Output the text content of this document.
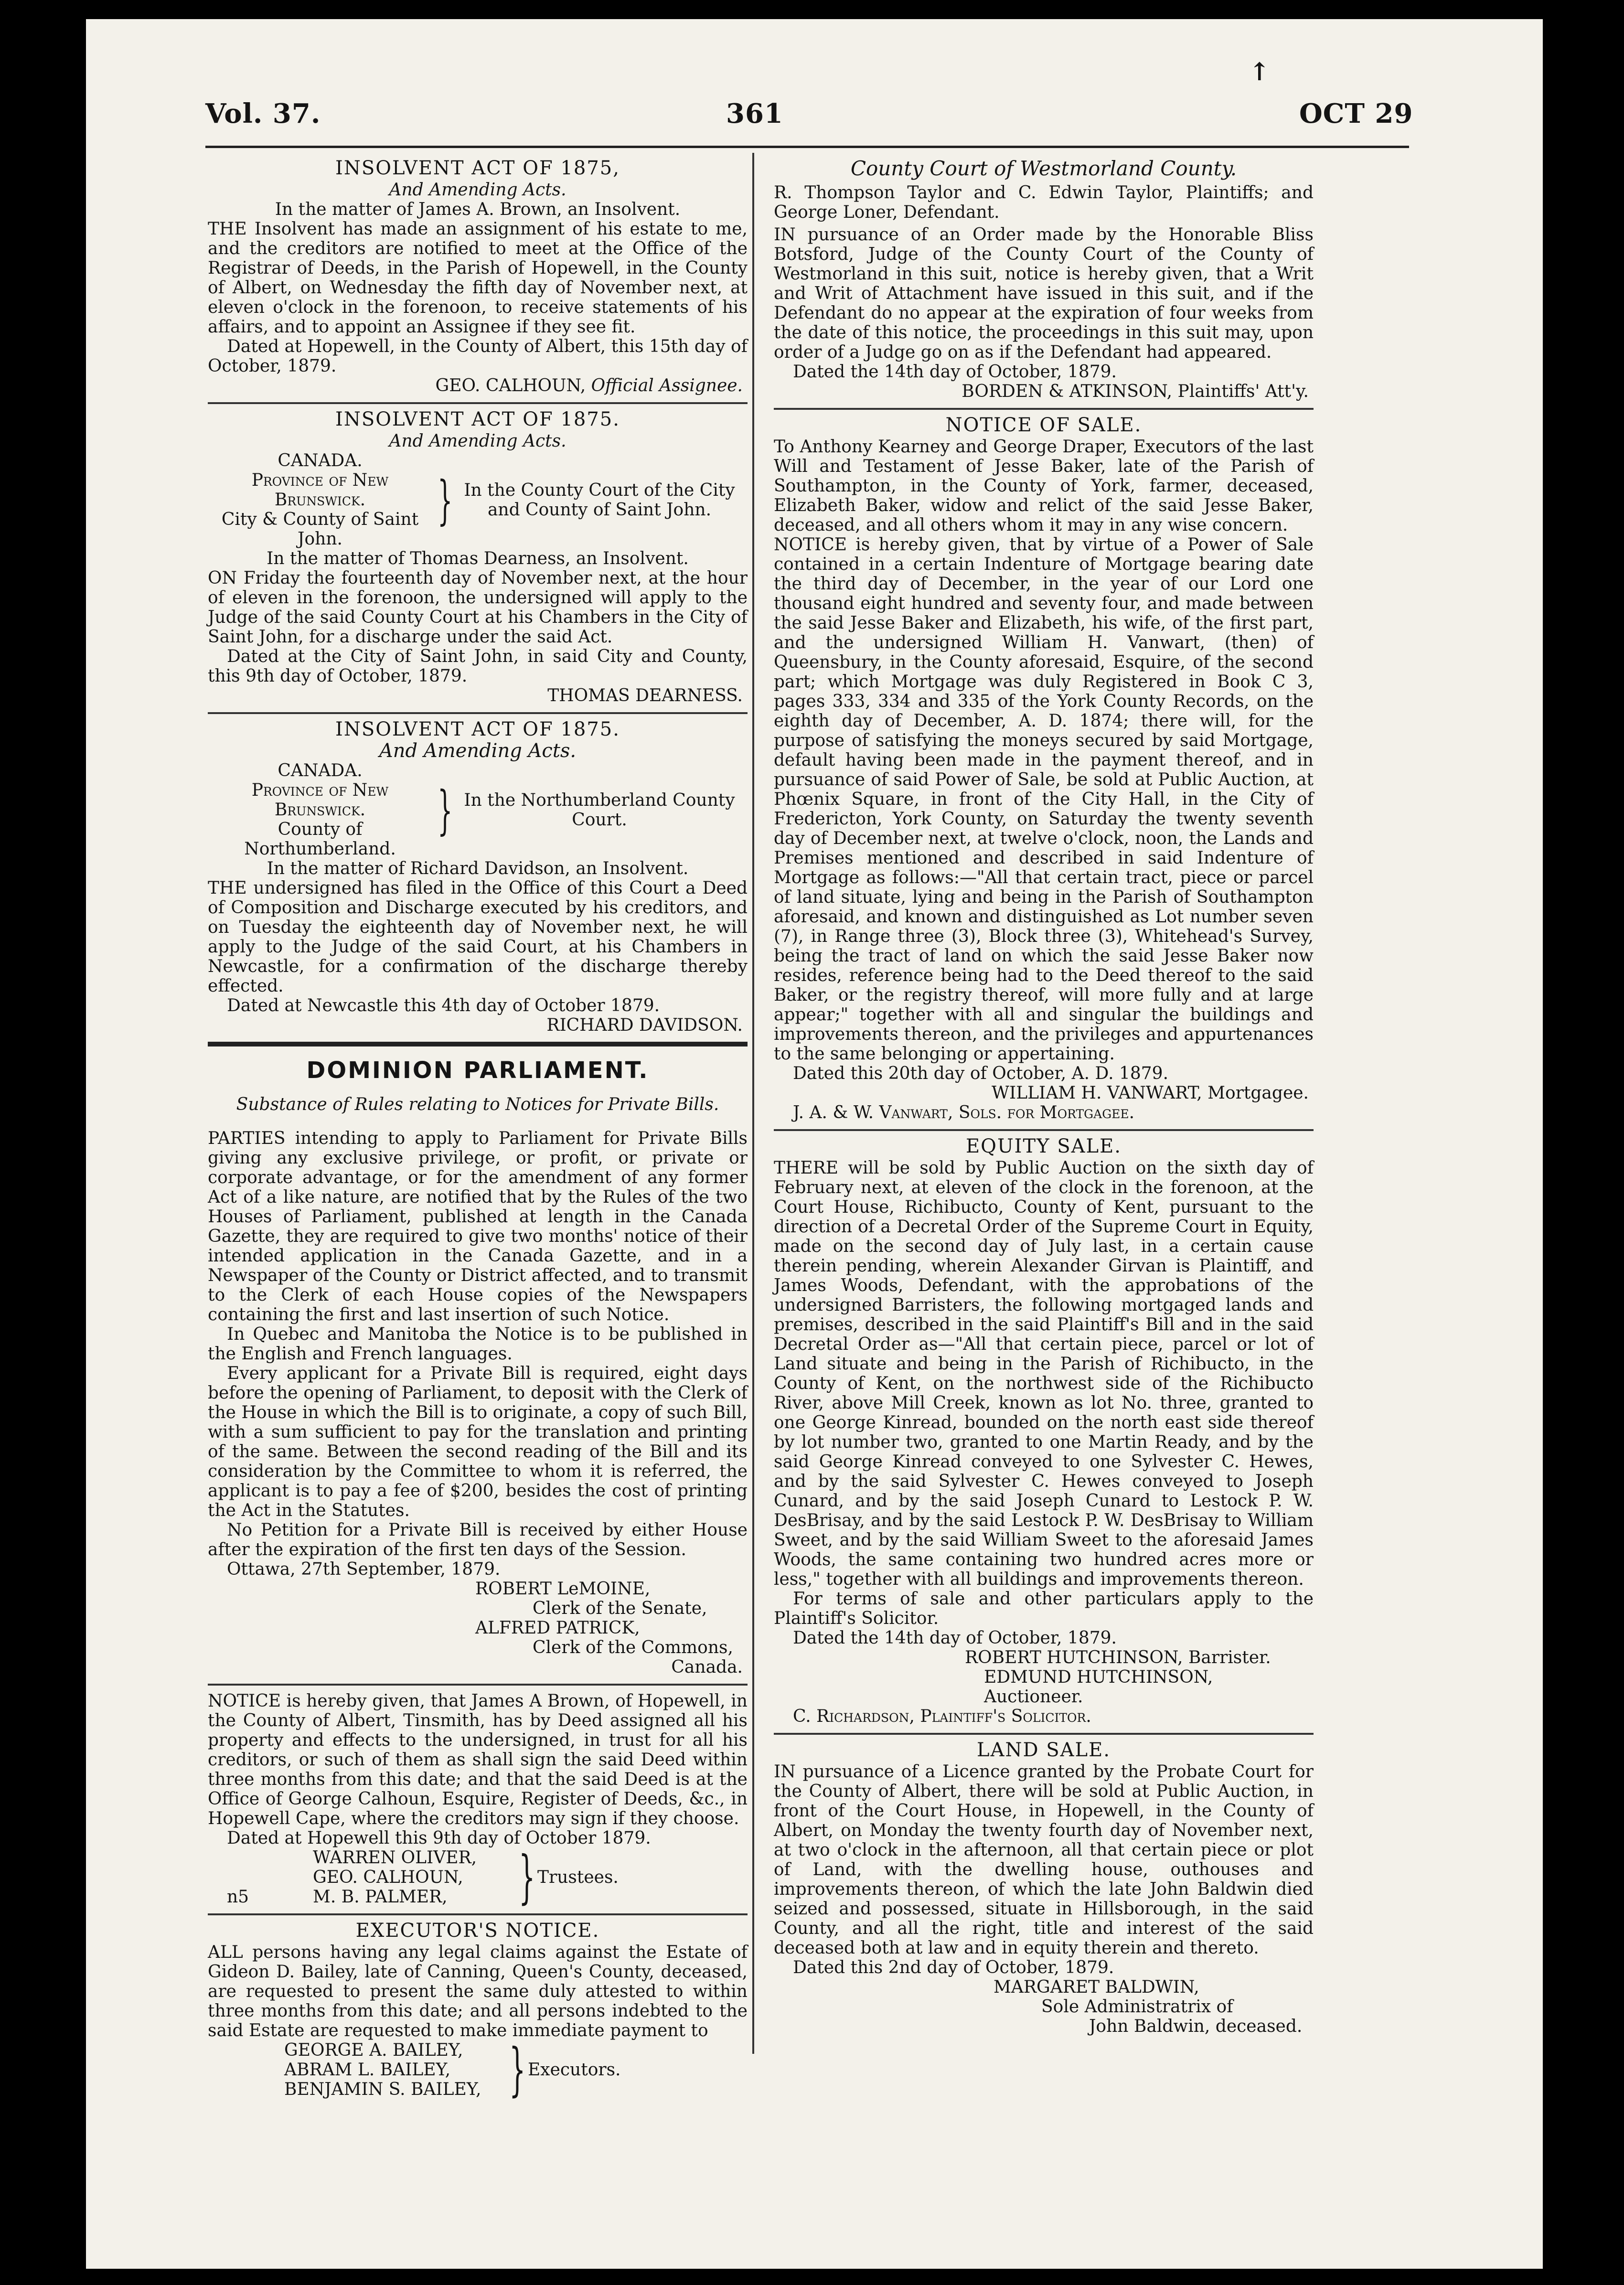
↑
Vol. 37.	361	OCT 29
INSOLVENT ACT OF 1875,
And Amending Acts.
In the matter of James A. Brown, an Insolvent.

THE Insolvent has made an assignment of his estate to me, and the creditors are notified to meet at the Office of the Registrar of Deeds, in the Parish of Hopewell, in the County of Albert, on Wednesday the fifth day of November next, at eleven o'clock in the forenoon, to receive statements of his affairs, and to appoint an Assignee if they see fit.

Dated at Hopewell, in the County of Albert, this 15th day of October, 1879.

GEO. CALHOUN, Official Assignee.
INSOLVENT ACT OF 1875.
And Amending Acts.
CANADA.
Province of New Brunswick.
City & County of Saint John.
} In the County Court of the City and County of Saint John.
In the matter of Thomas Dearness, an Insolvent.

ON Friday the fourteenth day of November next, at the hour of eleven in the forenoon, the undersigned will apply to the Judge of the said County Court at his Chambers in the City of Saint John, for a discharge under the said Act.

Dated at the City of Saint John, in said City and County, this 9th day of October, 1879.

THOMAS DEARNESS.
INSOLVENT ACT OF 1875.
And Amending Acts.
CANADA.
Province of New Brunswick.
County of Northumberland.
} In the Northumberland County Court.
In the matter of Richard Davidson, an Insolvent.

THE undersigned has filed in the Office of this Court a Deed of Composition and Discharge executed by his creditors, and on Tuesday the eighteenth day of November next, he will apply to the Judge of the said Court, at his Chambers in Newcastle, for a confirmation of the discharge thereby effected.

Dated at Newcastle this 4th day of October 1879.

RICHARD DAVIDSON.
DOMINION PARLIAMENT.
Substance of Rules relating to Notices for Private Bills.

PARTIES intending to apply to Parliament for Private Bills giving any exclusive privilege, or profit, or private or corporate advantage, or for the amendment of any former Act of a like nature, are notified that by the Rules of the two Houses of Parliament, published at length in the Canada Gazette, they are required to give two months' notice of their intended application in the Canada Gazette, and in a Newspaper of the County or District affected, and to transmit to the Clerk of each House copies of the Newspapers containing the first and last insertion of such Notice.

In Quebec and Manitoba the Notice is to be published in the English and French languages.

Every applicant for a Private Bill is required, eight days before the opening of Parliament, to deposit with the Clerk of the House in which the Bill is to originate, a copy of such Bill, with a sum sufficient to pay for the translation and printing of the same. Between the second reading of the Bill and its consideration by the Committee to whom it is referred, the applicant is to pay a fee of $200, besides the cost of printing the Act in the Statutes.

No Petition for a Private Bill is received by either House after the expiration of the first ten days of the Session.

Ottawa, 27th September, 1879.

ROBERT LeMOINE,
Clerk of the Senate,
ALFRED PATRICK,
Clerk of the Commons,
Canada.

NOTICE is hereby given, that James A Brown, of Hopewell, in the County of Albert, Tinsmith, has by Deed assigned all his property and effects to the undersigned, in trust for all his creditors, or such of them as shall sign the said Deed within three months from this date; and that the said Deed is at the Office of George Calhoun, Esquire, Register of Deeds, &c., in Hopewell Cape, where the creditors may sign if they choose.

Dated at Hopewell this 9th day of October 1879.

n5
WARREN OLIVER,
GEO. CALHOUN,
M. B. PALMER,	} Trustees.
EXECUTOR'S NOTICE.

ALL persons having any legal claims against the Estate of Gideon D. Bailey, late of Canning, Queen's County, deceased, are requested to present the same duly attested to within three months from this date; and all persons indebted to the said Estate are requested to make immediate payment to

GEORGE A. BAILEY,
ABRAM L. BAILEY,
BENJAMIN S. BAILEY, } Executors.
County Court of Westmorland County.

R. Thompson Taylor and C. Edwin Taylor, Plaintiffs; and George Loner, Defendant.

IN pursuance of an Order made by the Honorable Bliss Botsford, Judge of the County Court of the County of Westmorland in this suit, notice is hereby given, that a Writ and Writ of Attachment have issued in this suit, and if the Defendant do no appear at the expiration of four weeks from the date of this notice, the proceedings in this suit may, upon order of a Judge go on as if the Defendant had appeared.

Dated the 14th day of October, 1879.

BORDEN & ATKINSON, Plaintiffs' Att'y.
NOTICE OF SALE.

To Anthony Kearney and George Draper, Executors of the last Will and Testament of Jesse Baker, late of the Parish of Southampton, in the County of York, farmer, deceased, Elizabeth Baker, widow and relict of the said Jesse Baker, deceased, and all others whom it may in any wise concern.

NOTICE is hereby given, that by virtue of a Power of Sale contained in a certain Indenture of Mortgage bearing date the third day of December, in the year of our Lord one thousand eight hundred and seventy four, and made between the said Jesse Baker and Elizabeth, his wife, of the first part, and the undersigned William H. Vanwart, (then) of Queensbury, in the County aforesaid, Esquire, of the second part; which Mortgage was duly Registered in Book C 3, pages 333, 334 and 335 of the York County Records, on the eighth day of December, A. D. 1874; there will, for the purpose of satisfying the moneys secured by said Mortgage, default having been made in the payment thereof, and in pursuance of said Power of Sale, be sold at Public Auction, at Phœnix Square, in front of the City Hall, in the City of Fredericton, York County, on Saturday the twenty seventh day of December next, at twelve o'clock, noon, the Lands and Premises mentioned and described in said Indenture of Mortgage as follows:—"All that certain tract, piece or parcel of land situate, lying and being in the Parish of Southampton aforesaid, and known and distinguished as Lot number seven (7), in Range three (3), Block three (3), Whitehead's Survey, being the tract of land on which the said Jesse Baker now resides, reference being had to the Deed thereof to the said Baker, or the registry thereof, will more fully and at large appear;" together with all and singular the buildings and improvements thereon, and the privileges and appurtenances to the same belonging or appertaining.

Dated this 20th day of October, A. D. 1879.

WILLIAM H. VANWART, Mortgagee.
J. A. & W. Vanwart, Sols. for Mortgagee.
EQUITY SALE.

THERE will be sold by Public Auction on the sixth day of February next, at eleven of the clock in the forenoon, at the Court House, Richibucto, County of Kent, pursuant to the direction of a Decretal Order of the Supreme Court in Equity, made on the second day of July last, in a certain cause therein pending, wherein Alexander Girvan is Plaintiff, and James Woods, Defendant, with the approbations of the undersigned Barristers, the following mortgaged lands and premises, described in the said Plaintiff's Bill and in the said Decretal Order as—"All that certain piece, parcel or lot of Land situate and being in the Parish of Richibucto, in the County of Kent, on the northwest side of the Richibucto River, above Mill Creek, known as lot No. three, granted to one George Kinread, bounded on the north east side thereof by lot number two, granted to one Martin Ready, and by the said George Kinread conveyed to one Sylvester C. Hewes, and by the said Sylvester C. Hewes conveyed to Joseph Cunard, and by the said Joseph Cunard to Lestock P. W. DesBrisay, and by the said Lestock P. W. DesBrisay to William Sweet, and by the said William Sweet to the aforesaid James Woods, the same containing two hundred acres more or less," together with all buildings and improvements thereon.

For terms of sale and other particulars apply to the Plaintiff's Solicitor.

Dated the 14th day of October, 1879.

ROBERT HUTCHINSON, Barrister.
EDMUND HUTCHINSON, Auctioneer.
C. Richardson, Plaintiff's Solicitor.
LAND SALE.

IN pursuance of a Licence granted by the Probate Court for the County of Albert, there will be sold at Public Auction, in front of the Court House, in Hopewell, in the County of Albert, on Monday the twenty fourth day of November next, at two o'clock in the afternoon, all that certain piece or plot of Land, with the dwelling house, outhouses and improvements thereon, of which the late John Baldwin died seized and possessed, situate in Hillsborough, in the said County, and all the right, title and interest of the said deceased both at law and in equity therein and thereto.

Dated this 2nd day of October, 1879.

MARGARET BALDWIN,
Sole Administratrix of
John Baldwin, deceased.
